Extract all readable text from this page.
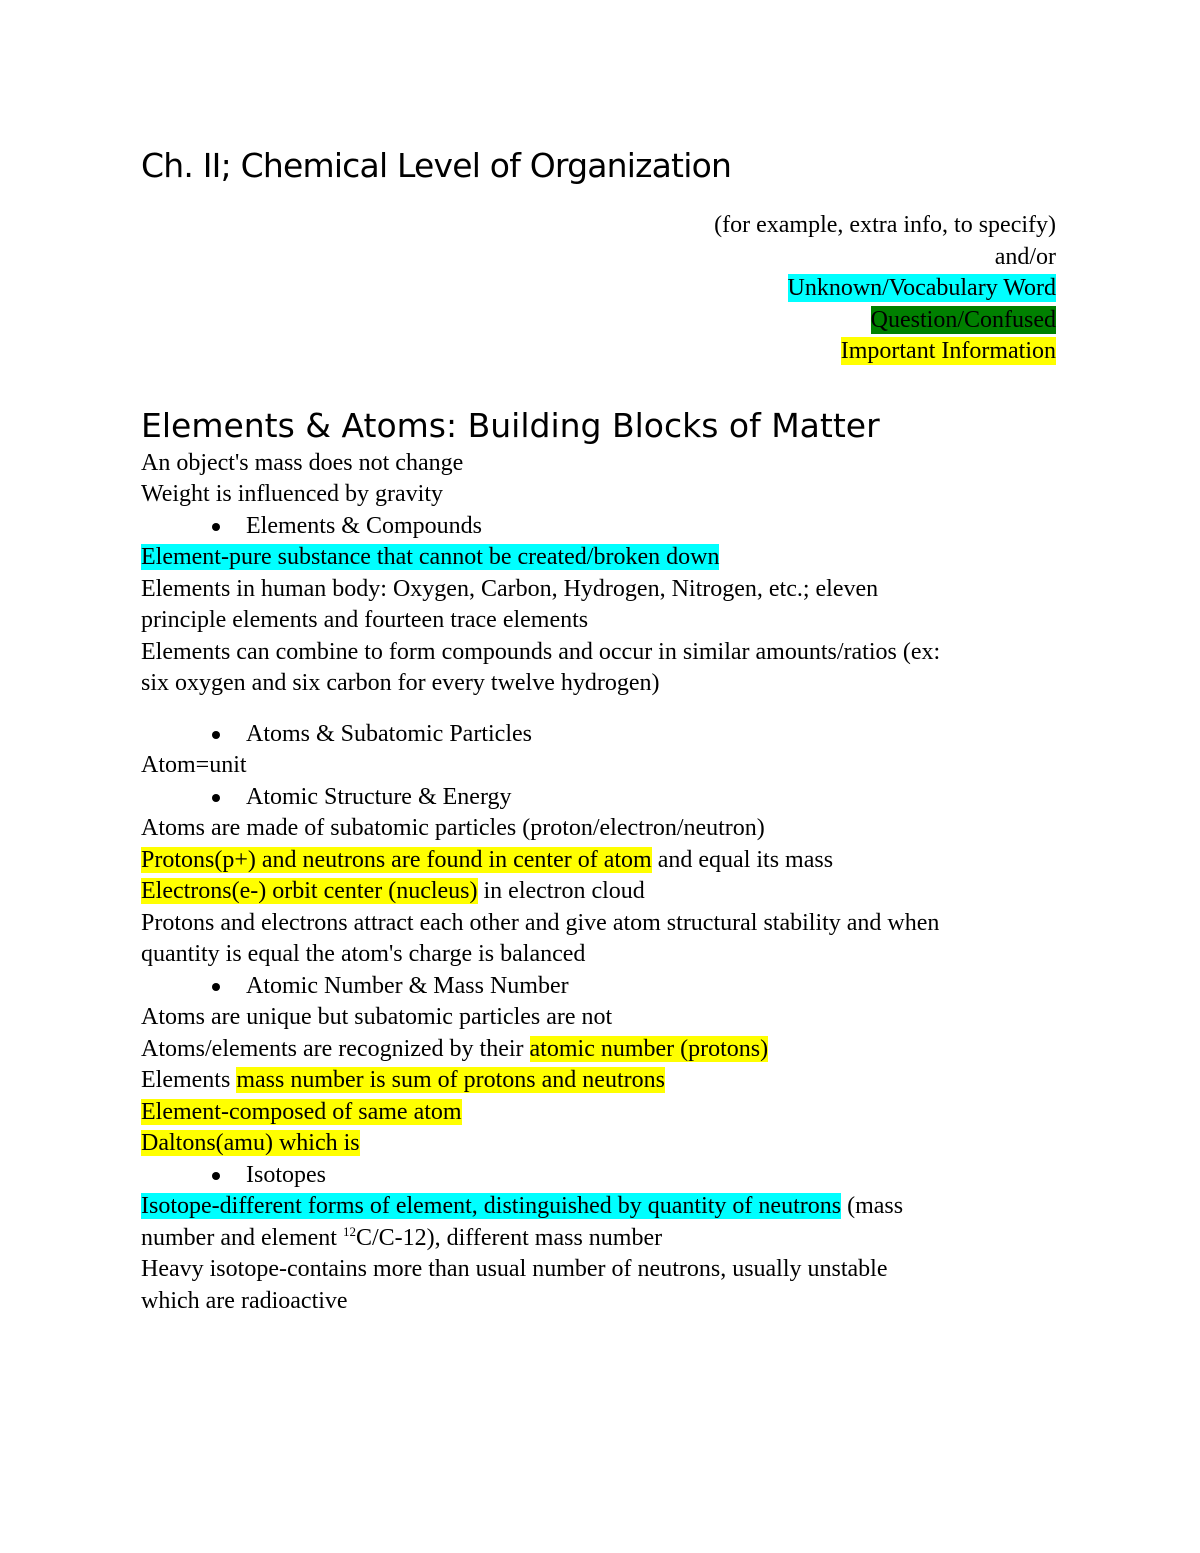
Ch. II; Chemical Level of Organization
(for example, extra info, to specify)
and/or
Unknown/Vocabulary Word
Question/Confused
Important Information
Elements & Atoms: Building Blocks of Matter

An object's mass does not change

Weight is influenced by gravity

Elements & Compounds

Element-pure substance that cannot be created/broken down

Elements in human body: Oxygen, Carbon, Hydrogen, Nitrogen, etc.; eleven

principle elements and fourteen trace elements

Elements can combine to form compounds and occur in similar amounts/ratios (ex:

six oxygen and six carbon for every twelve hydrogen)

Atoms & Subatomic Particles

Atom=unit

Atomic Structure & Energy

Atoms are made of subatomic particles (proton/electron/neutron)

Protons(p+) and neutrons are found in center of atom and equal its mass

Electrons(e-) orbit center (nucleus) in electron cloud

Protons and electrons attract each other and give atom structural stability and when

quantity is equal the atom's charge is balanced

Atomic Number & Mass Number

Atoms are unique but subatomic particles are not

Atoms/elements are recognized by their atomic number (protons)

Elements mass number is sum of protons and neutrons

Element-composed of same atom

Daltons(amu) which is

Isotopes

Isotope-different forms of element, distinguished by quantity of neutrons (mass

number and element $^{12}$C/C-12), different mass number

Heavy isotope-contains more than usual number of neutrons, usually unstable

which are radioactive
